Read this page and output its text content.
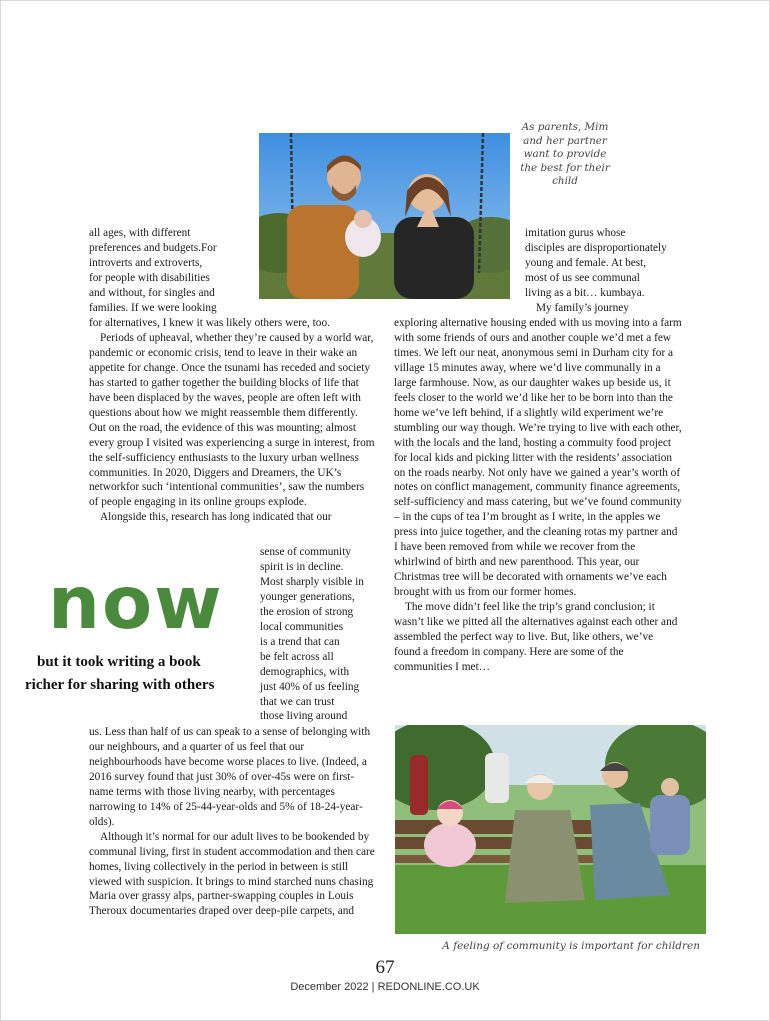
As parents, Mim and her partner want to provide the best for their child
all ages, with different
preferences and budgets.For
introverts and extroverts,
for people with disabilities
and without, for singles and
families. If we were looking

for alternatives, I knew it was likely others were, too.

Periods of upheaval, whether they’re caused by a world war, pandemic or economic crisis, tend to leave in their wake an appetite for change. Once the tsunami has receded and society has started to gather together the building blocks of life that have been displaced by the waves, people are often left with questions about how we might reassemble them differently. Out on the road, the evidence of this was mounting; almost every group I visited was experiencing a surge in interest, from the self-sufficiency enthusiasts to the luxury urban wellness communities. In 2020, Diggers and Dreamers, the UK’s networkfor such ‘intentional communities’, saw the numbers of people engaging in its online groups explode.

Alongside this, research has long indicated that our

sense of community
spirit is in decline.
Most sharply visible in
younger generations,
the erosion of strong
local communities
is a trend that can
be felt across all
demographics, with
just 40% of us feeling
that we can trust
those living around

us. Less than half of us can speak to a sense of belonging with our neighbours, and a quarter of us feel that our neighbourhoods have become worse places to live. (Indeed, a 2016 survey found that just 30% of over-45s were on first-name terms with those living nearby, with percentages narrowing to 14% of 25-44-year-olds and 5% of 18-24-year-olds).

Although it’s normal for our adult lives to be bookended by communal living, first in student accommodation and then care homes, living collectively in the period in between is still viewed with suspicion. It brings to mind starched nuns chasing Maria over grassy alps, partner-swapping couples in Louis Theroux documentaries draped over deep-pile carpets, and

now
but it took writing a book
richer for sharing with others
imitation gurus whose
disciples are disproportionately
young and female. At best,
most of us see communal
living as a bit… kumbaya.
My family’s journey

exploring alternative housing ended with us moving into a farm with some friends of ours and another couple we’d met a few times. We left our neat, anonymous semi in Durham city for a village 15 minutes away, where we’d live communally in a large farmhouse. Now, as our daughter wakes up beside us, it feels closer to the world we’d like her to be born into than the home we’ve left behind, if a slightly wild experiment we’re stumbling our way though. We’re trying to live with each other, with the locals and the land, hosting a commuity food project for local kids and picking litter with the residents’ association on the roads nearby. Not only have we gained a year’s worth of notes on conflict management, community finance agreements, self-sufficiency and mass catering, but we’ve found community – in the cups of tea I’m brought as I write, in the apples we press into juice together, and the cleaning rotas my partner and I have been removed from while we recover from the whirlwind of birth and new parenthood. This year, our Christmas tree will be decorated with ornaments we’ve each brought with us from our former homes.

The move didn’t feel like the trip’s grand conclusion; it wasn’t like we pitted all the alternatives against each other and assembled the perfect way to live. But, like others, we’ve found a freedom in company. Here are some of the communities I met…

A feeling of community is important for children
67
December 2022 | REDONLINE.CO.UK
